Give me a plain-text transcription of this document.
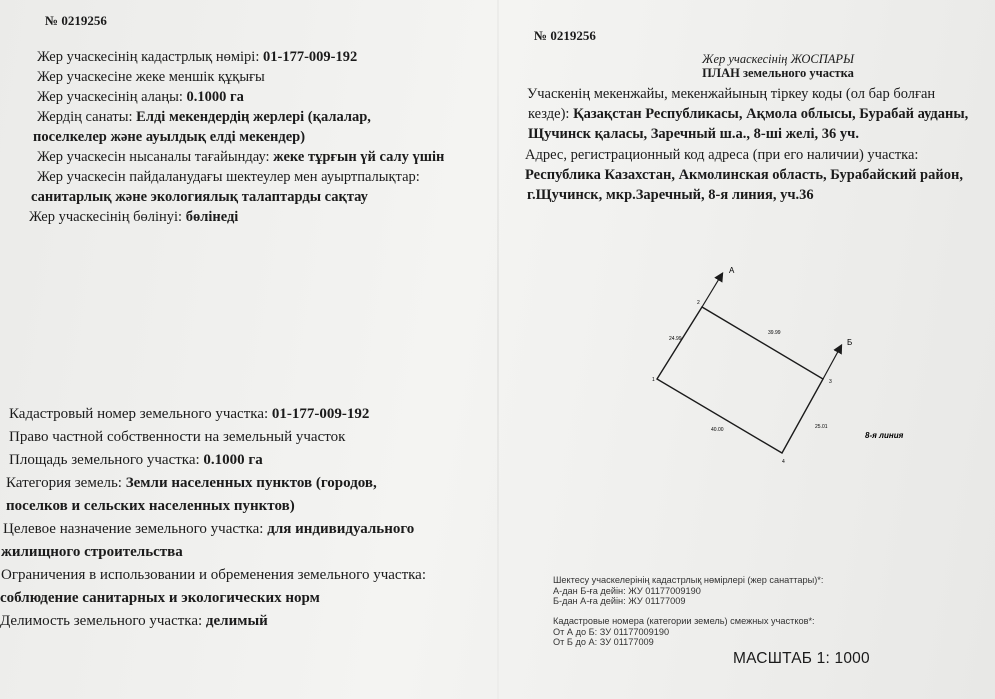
№ 0219256
Жер учаскесінің кадастрлық нөмірі: 01-177-009-192
Жер учаскесіне жеке меншік құқығы
Жер учаскесінің алаңы: 0.1000 га
Жердің санаты: Елді мекендердің жерлері (қалалар,
поселкелер және ауылдық елді мекендер)
Жер учаскесін нысаналы тағайындау: жеке тұрғын үй салу үшін
Жер учаскесін пайдаланудағы шектеулер мен ауыртпалықтар:
санитарлық және экологиялық талаптарды сақтау
Жер учаскесінің бөлінуі: бөлінеді
Кадастровый номер земельного участка: 01-177-009-192
Право частной собственности на земельный участок
Площадь земельного участка: 0.1000 га
Категория земель: Земли населенных пунктов (городов,
поселков и сельских населенных пунктов)
Целевое назначение земельного участка: для индивидуального
жилищного строительства
Ограничения в использовании и обременения земельного участка:
соблюдение санитарных и экологических норм
Делимость земельного участка: делимый
№ 0219256
Жер учаскесінің ЖОСПАРЫ
ПЛАН земельного участка
Учаскенің мекенжайы, мекенжайының тіркеу коды (ол бар болған
кезде): Қазақстан Республикасы, Ақмола облысы, Бурабай ауданы,
Щучинск қаласы, Заречный ш.а., 8-ші желі, 36 уч.
Адрес, регистрационный код адреса (при его наличии) участка:
Республика Казахстан, Акмолинская область, Бурабайский район,
г.Щучинск, мкр.Заречный, 8-я линия, уч.36
А
Б
1
2
3
4
24.99
39.99
25.01
40.00
8-я линия
Шектесу учаскелерінің кадастрлық нөмірлері (жер санаттары)*:
А-дан Б-ға дейін: ЖУ 01177009190
Б-дан А-ға дейін: ЖУ 01177009
Кадастровые номера (категории земель) смежных участков*:
От А до Б: ЗУ 01177009190
От Б до А: ЗУ 01177009
МАСШТАБ 1: 1000
